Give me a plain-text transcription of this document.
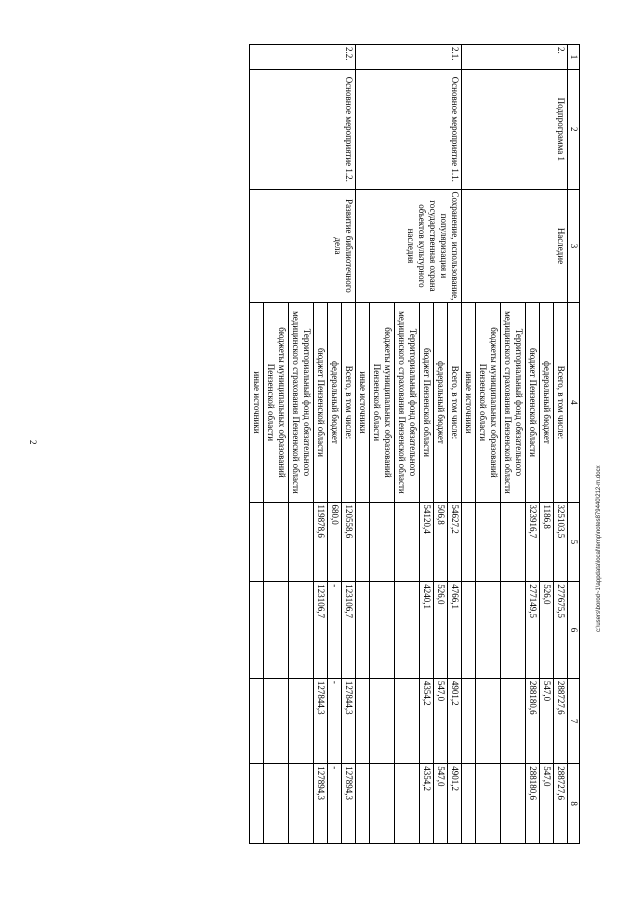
2
1	2	3	4	5	6	7	8
2.	Подпрограмма 1	Наследие	Всего, в том числе:	325103,5	277675,5	288727,6	288727,6
			федеральный бюджет	1186,8	526,0	547,0	547,0
			бюджет Пензенской области	323916,7	277149,5	288180,6	288180,6
			Территориальный фонд обязательного медицинского страхования Пензенской области				
			бюджеты муниципальных образований Пензенской области				
			иные источники				
2.1.	Основное мероприятие 1.1.	Сохранение, использование, популяризация и государственная охрана объектов культурного наследия	Всего, в том числе:	54627,2	4766,1	4901,2	4901,2
			федеральный бюджет	506,8	526,0	547,0	547,0
			бюджет Пензенской области	54120,4	4240,1	4354,2	4354,2
			Территориальный фонд обязательного медицинского страхования Пензенской области				
			бюджеты муниципальных образований Пензенской области				
			иные источники				
2.2.	Основное мероприятие 1.2.	Развитие библиотечного дела	Всего, в том числе:	120558,6	123106,7	127844,3	127894,3
			федеральный бюджет	680,0	-	-	-
			бюджет Пензенской области	119878,6	123106,7	127844,3	127894,3
			Территориальный фонд обязательного медицинского страхования Пензенской области				
			бюджеты муниципальных образований Пензенской области				
			иные источники				
c:\users\borod~1\appdata\local\temp\notes879440\212-m.docx
